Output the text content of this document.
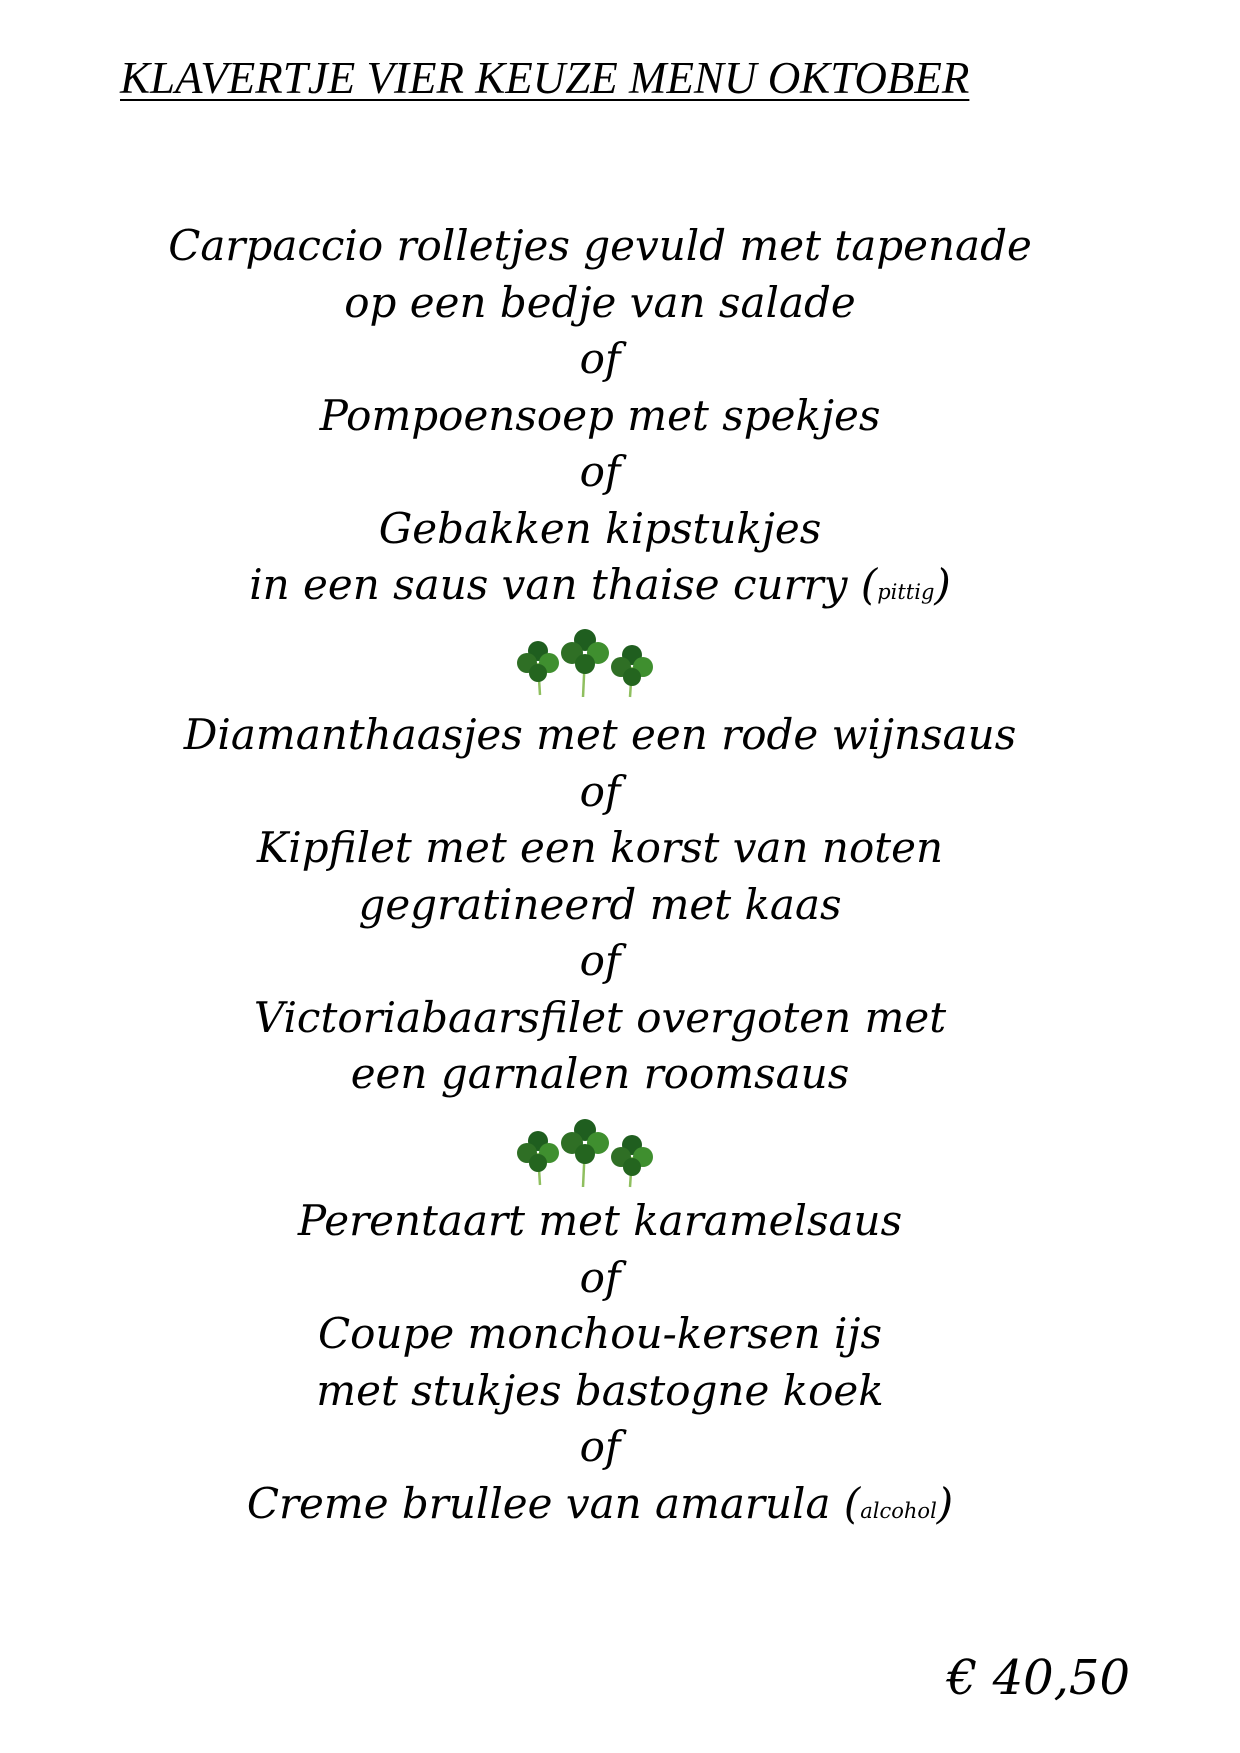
KLAVERTJE VIER KEUZE MENU OKTOBER
Carpaccio rolletjes gevuld met tapenade
op een bedje van salade
of
Pompoensoep met spekjes
of
Gebakken kipstukjes
in een saus van thaise curry (pittig)
Diamanthaasjes met een rode wijnsaus
of
Kipfilet met een korst van noten
gegratineerd met kaas
of
Victoriabaarsfilet overgoten met
een garnalen roomsaus
Perentaart met karamelsaus
of
Coupe monchou-kersen ijs
met stukjes bastogne koek
of
Creme brullee van amarula (alcohol)

€ 40,50
